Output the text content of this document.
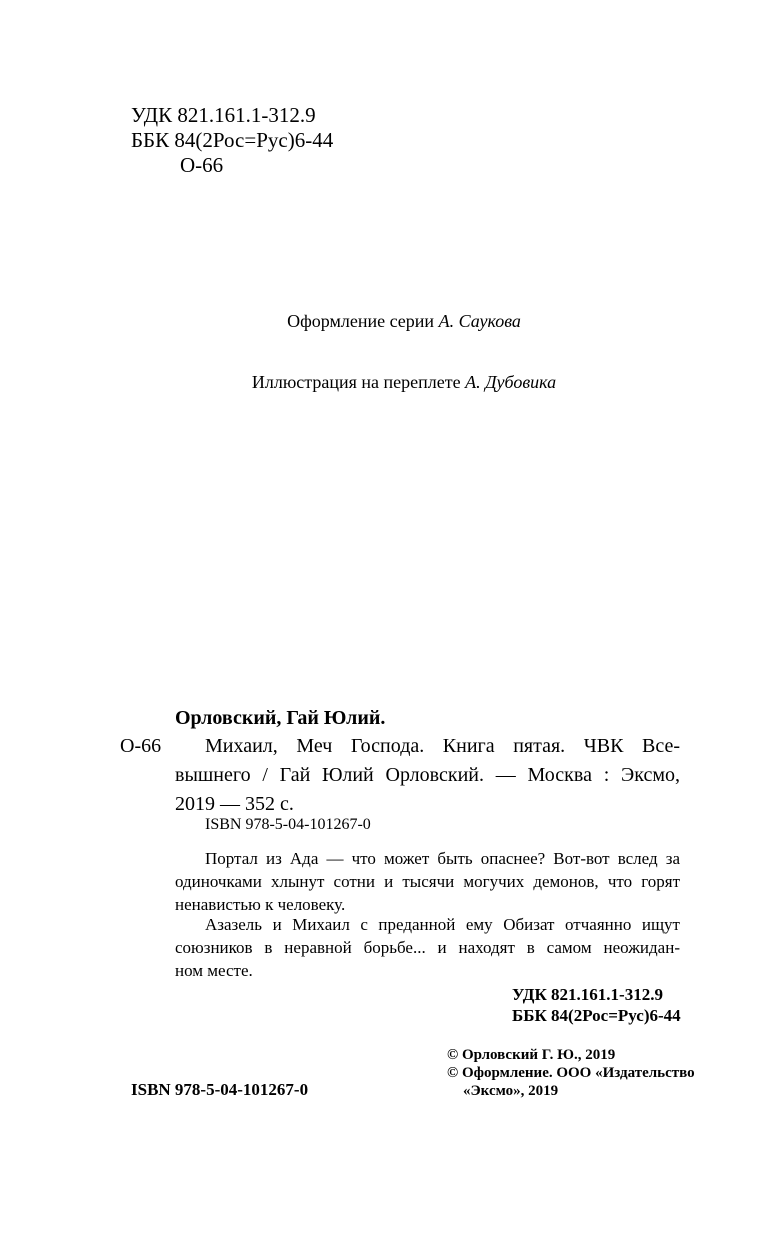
УДК 821.161.1-312.9
ББК 84(2Рос=Рус)6-44
О-66
Оформление серии А. Саукова
Иллюстрация на переплете А. Дубовика
Орловский, Гай Юлий.
О-66 Михаил, Меч Господа. Книга пятая. ЧВК Все-
вышнего / Гай Юлий Орловский. — Москва : Эксмо,
2019 — 352 с.
ISBN 978-5-04-101267-0
Портал из Ада — что может быть опаснее? Вот-вот вслед за
одиночками хлынут сотни и тысячи могучих демонов, что горят
ненавистью к человеку.
Азазель и Михаил с преданной ему Обизат отчаянно ищут
союзников в неравной борьбе... и находят в самом неожидан-
ном месте.
УДК 821.161.1-312.9
ББК 84(2Рос=Рус)6-44
© Орловский Г. Ю., 2019
© Оформление. ООО «Издательство
«Эксмо», 2019
ISBN 978-5-04-101267-0
